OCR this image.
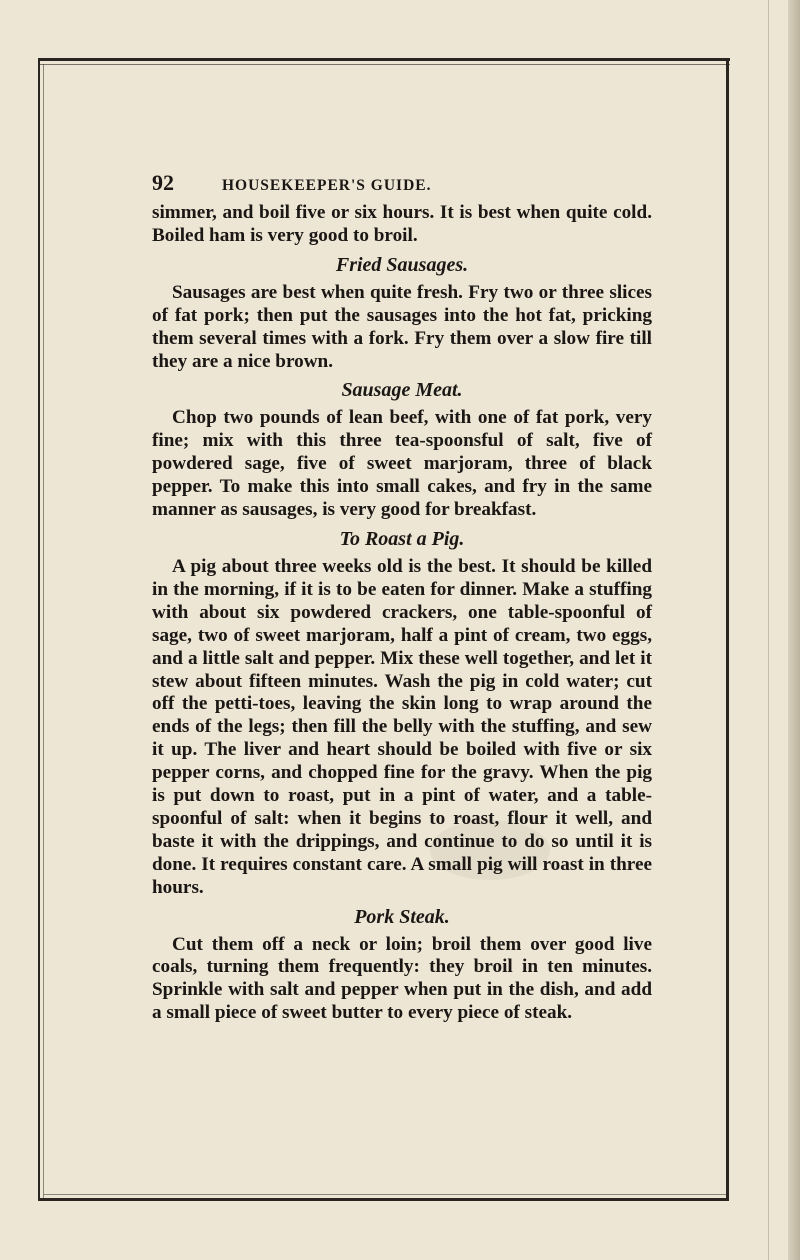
92	HOUSEKEEPER'S GUIDE.

simmer, and boil five or six hours. It is best when quite cold. Boiled ham is very good to broil.

Fried Sausages.

Sausages are best when quite fresh. Fry two or three slices of fat pork; then put the sausages into the hot fat, pricking them several times with a fork. Fry them over a slow fire till they are a nice brown.

Sausage Meat.

Chop two pounds of lean beef, with one of fat pork, very fine; mix with this three tea-spoonsful of salt, five of powdered sage, five of sweet marjoram, three of black pepper. To make this into small cakes, and fry in the same manner as sausages, is very good for breakfast.

To Roast a Pig.

A pig about three weeks old is the best. It should be killed in the morning, if it is to be eaten for dinner. Make a stuffing with about six powdered crackers, one table-spoonful of sage, two of sweet marjoram, half a pint of cream, two eggs, and a little salt and pepper. Mix these well together, and let it stew about fifteen minutes. Wash the pig in cold water; cut off the petti-toes, leaving the skin long to wrap around the ends of the legs; then fill the belly with the stuffing, and sew it up. The liver and heart should be boiled with five or six pepper corns, and chopped fine for the gravy. When the pig is put down to roast, put in a pint of water, and a table-spoonful of salt: when it begins to roast, flour it well, and baste it with the drippings, and continue to do so until it is done. It requires constant care. A small pig will roast in three hours.

Pork Steak.

Cut them off a neck or loin; broil them over good live coals, turning them frequently: they broil in ten minutes. Sprinkle with salt and pepper when put in the dish, and add a small piece of sweet butter to every piece of steak.
